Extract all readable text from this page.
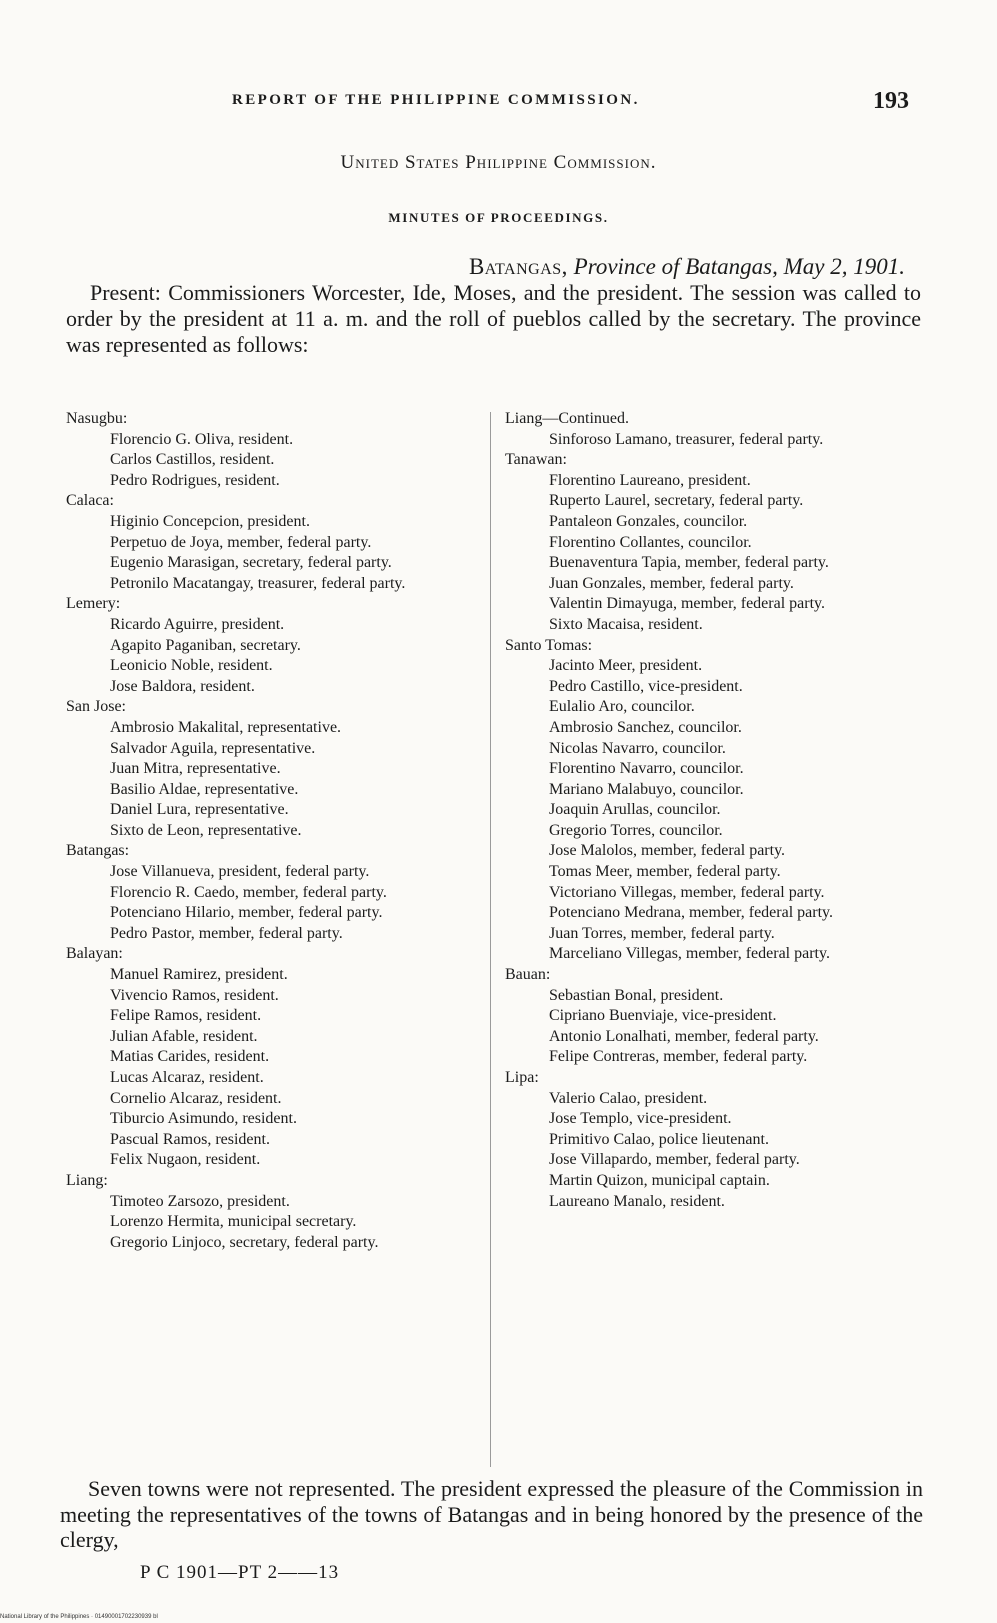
REPORT OF THE PHILIPPINE COMMISSION.	193
United States Philippine Commission.
MINUTES OF PROCEEDINGS.
Batangas, Province of Batangas, May 2, 1901.

Present: Commissioners Worcester, Ide, Moses, and the president. The session was called to order by the president at 11 a. m. and the roll of pueblos called by the secretary. The province was represented as follows:

Nasugbu:

Florencio G. Oliva, resident.

Carlos Castillos, resident.

Pedro Rodrigues, resident.

Calaca:

Higinio Concepcion, president.

Perpetuo de Joya, member, federal party.

Eugenio Marasigan, secretary, federal party.

Petronilo Macatangay, treasurer, federal party.

Lemery:

Ricardo Aguirre, president.

Agapito Paganiban, secretary.

Leonicio Noble, resident.

Jose Baldora, resident.

San Jose:

Ambrosio Makalital, representative.

Salvador Aguila, representative.

Juan Mitra, representative.

Basilio Aldae, representative.

Daniel Lura, representative.

Sixto de Leon, representative.

Batangas:

Jose Villanueva, president, federal party.

Florencio R. Caedo, member, federal party.

Potenciano Hilario, member, federal party.

Pedro Pastor, member, federal party.

Balayan:

Manuel Ramirez, president.

Vivencio Ramos, resident.

Felipe Ramos, resident.

Julian Afable, resident.

Matias Carides, resident.

Lucas Alcaraz, resident.

Cornelio Alcaraz, resident.

Tiburcio Asimundo, resident.

Pascual Ramos, resident.

Felix Nugaon, resident.

Liang:

Timoteo Zarsozo, president.

Lorenzo Hermita, municipal secretary.

Gregorio Linjoco, secretary, federal party.

Liang—Continued.

Sinforoso Lamano, treasurer, federal party.

Tanawan:

Florentino Laureano, president.

Ruperto Laurel, secretary, federal party.

Pantaleon Gonzales, councilor.

Florentino Collantes, councilor.

Buenaventura Tapia, member, federal party.

Juan Gonzales, member, federal party.

Valentin Dimayuga, member, federal party.

Sixto Macaisa, resident.

Santo Tomas:

Jacinto Meer, president.

Pedro Castillo, vice-president.

Eulalio Aro, councilor.

Ambrosio Sanchez, councilor.

Nicolas Navarro, councilor.

Florentino Navarro, councilor.

Mariano Malabuyo, councilor.

Joaquin Arullas, councilor.

Gregorio Torres, councilor.

Jose Malolos, member, federal party.

Tomas Meer, member, federal party.

Victoriano Villegas, member, federal party.

Potenciano Medrana, member, federal party.

Juan Torres, member, federal party.

Marceliano Villegas, member, federal party.

Bauan:

Sebastian Bonal, president.

Cipriano Buenviaje, vice-president.

Antonio Lonalhati, member, federal party.

Felipe Contreras, member, federal party.

Lipa:

Valerio Calao, president.

Jose Templo, vice-president.

Primitivo Calao, police lieutenant.

Jose Villapardo, member, federal party.

Martin Quizon, municipal captain.

Laureano Manalo, resident.

Seven towns were not represented. The president expressed the pleasure of the Commission in meeting the representatives of the towns of Batangas and in being honored by the presence of the clergy,

P C 1901—PT 2——13
National Library of the Philippines · 01490001702230939 bl
